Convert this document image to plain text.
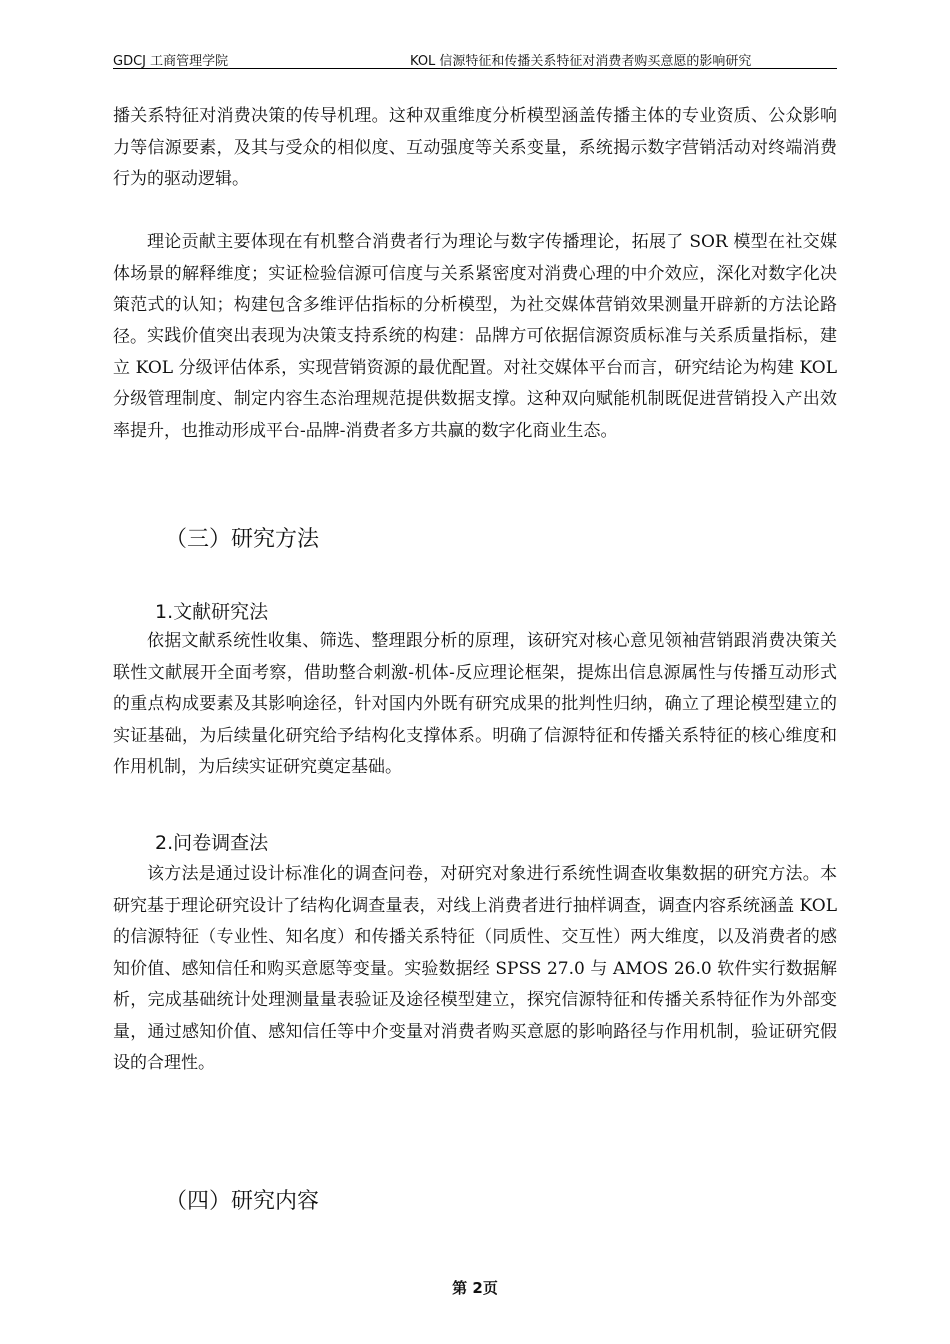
GDCJ 工商管理学院	KOL 信源特征和传播关系特征对消费者购买意愿的影响研究

播关系特征对消费决策的传导机理。这种双重维度分析模型涵盖传播主体的专业资质、公众影响力等信源要素，及其与受众的相似度、互动强度等关系变量，系统揭示数字营销活动对终端消费行为的驱动逻辑。

理论贡献主要体现在有机整合消费者行为理论与数字传播理论，拓展了 SOR 模型在社交媒体场景的解释维度；实证检验信源可信度与关系紧密度对消费心理的中介效应，深化对数字化决策范式的认知；构建包含多维评估指标的分析模型，为社交媒体营销效果测量开辟新的方法论路径。 实践价值突出表现为决策支持系统的构建：品牌方可依据信源资质标准与关系质量指标，建立 KOL 分级评估体系，实现营销资源的最优配置。对社交媒体平台而言，研究结论为构建 KOL 分级管理制度、制定内容生态治理规范提供数据支撑。这种双向赋能机制既促进营销投入产出效率提升，也推动形成平台-品牌-消费者多方共赢的数字化商业生态。

（三）研究方法
1.文献研究法

依据文献系统性收集、筛选、整理跟分析的原理，该研究对核心意见领袖营销跟消费决策关联性文献展开全面考察，借助整合刺激-机体-反应理论框架，提炼出信息源属性与传播互动形式的重点构成要素及其影响途径，针对国内外既有研究成果的批判性归纳，确立了理论模型建立的实证基础，为后续量化研究给予结构化支撑体系。明确了信源特征和传播关系特征的核心维度和作用机制，为后续实证研究奠定基础。

2.问卷调查法

该方法是通过设计标准化的调查问卷，对研究对象进行系统性调查收集数据的研究方法。本研究基于理论研究设计了结构化调查量表，对线上消费者进行抽样调查，调查内容系统涵盖 KOL 的信源特征（专业性、知名度）和传播关系特征（同质性、交互性）两大维度，以及消费者的感知价值、感知信任和购买意愿等变量。实验数据经 SPSS 27.0 与 AMOS 26.0 软件实行数据解析，完成基础统计处理测量量表验证及途径模型建立，探究信源特征和传播关系特征作为外部变量，通过感知价值、感知信任等中介变量对消费者购买意愿的影响路径与作用机制，验证研究假设的合理性。

（四）研究内容
第 2页
